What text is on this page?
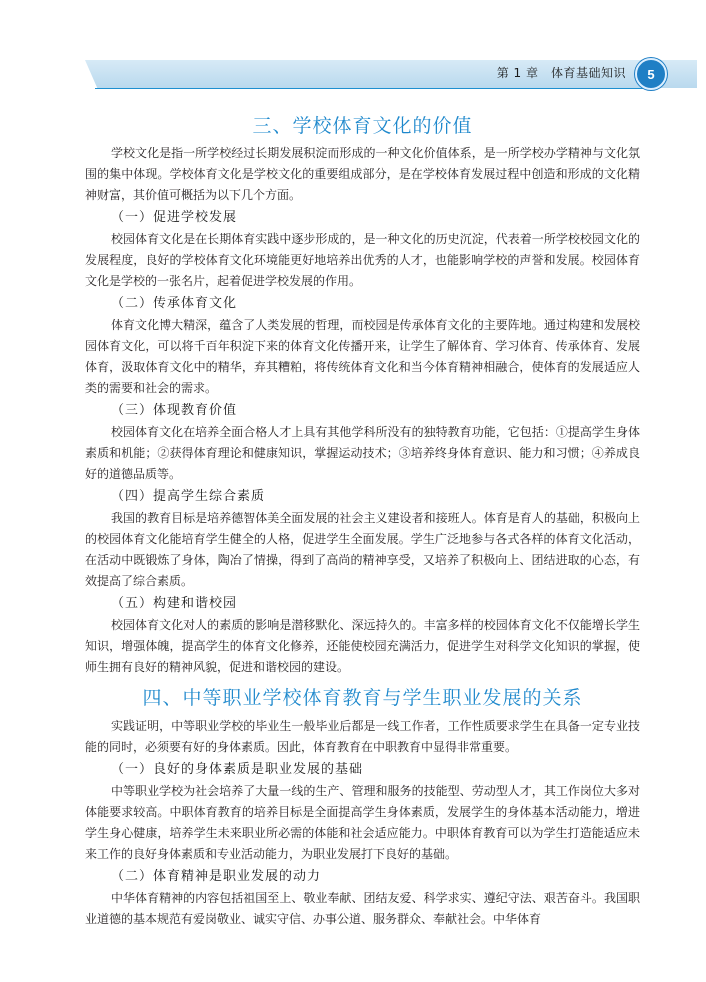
第 1 章　体育基础知识	5
三、学校体育文化的价值

学校文化是指一所学校经过长期发展积淀而形成的一种文化价值体系，是一所学校办学精神与文化氛围的集中体现。学校体育文化是学校文化的重要组成部分，是在学校体育发展过程中创造和形成的文化精神财富，其价值可概括为以下几个方面。

（一）促进学校发展

校园体育文化是在长期体育实践中逐步形成的，是一种文化的历史沉淀，代表着一所学校校园文化的发展程度，良好的学校体育文化环境能更好地培养出优秀的人才，也能影响学校的声誉和发展。校园体育文化是学校的一张名片，起着促进学校发展的作用。

（二）传承体育文化

体育文化博大精深，蕴含了人类发展的哲理，而校园是传承体育文化的主要阵地。通过构建和发展校园体育文化，可以将千百年积淀下来的体育文化传播开来，让学生了解体育、学习体育、传承体育、发展体育，汲取体育文化中的精华，弃其糟粕，将传统体育文化和当今体育精神相融合，使体育的发展适应人类的需要和社会的需求。

（三）体现教育价值

校园体育文化在培养全面合格人才上具有其他学科所没有的独特教育功能，它包括：①提高学生身体素质和机能；②获得体育理论和健康知识，掌握运动技术；③培养终身体育意识、能力和习惯；④养成良好的道德品质等。

（四）提高学生综合素质

我国的教育目标是培养德智体美全面发展的社会主义建设者和接班人。体育是育人的基础，积极向上的校园体育文化能培育学生健全的人格，促进学生全面发展。学生广泛地参与各式各样的体育文化活动，在活动中既锻炼了身体，陶冶了情操，得到了高尚的精神享受，又培养了积极向上、团结进取的心态，有效提高了综合素质。

（五）构建和谐校园

校园体育文化对人的素质的影响是潜移默化、深远持久的。丰富多样的校园体育文化不仅能增长学生知识，增强体魄，提高学生的体育文化修养，还能使校园充满活力，促进学生对科学文化知识的掌握，使师生拥有良好的精神风貌，促进和谐校园的建设。

四、中等职业学校体育教育与学生职业发展的关系

实践证明，中等职业学校的毕业生一般毕业后都是一线工作者，工作性质要求学生在具备一定专业技能的同时，必须要有好的身体素质。因此，体育教育在中职教育中显得非常重要。

（一）良好的身体素质是职业发展的基础

中等职业学校为社会培养了大量一线的生产、管理和服务的技能型、劳动型人才，其工作岗位大多对体能要求较高。中职体育教育的培养目标是全面提高学生身体素质，发展学生的身体基本活动能力，增进学生身心健康，培养学生未来职业所必需的体能和社会适应能力。中职体育教育可以为学生打造能适应未来工作的良好身体素质和专业活动能力，为职业发展打下良好的基础。

（二）体育精神是职业发展的动力

中华体育精神的内容包括祖国至上、敬业奉献、团结友爱、科学求实、遵纪守法、艰苦奋斗。我国职业道德的基本规范有爱岗敬业、诚实守信、办事公道、服务群众、奉献社会。中华体育
